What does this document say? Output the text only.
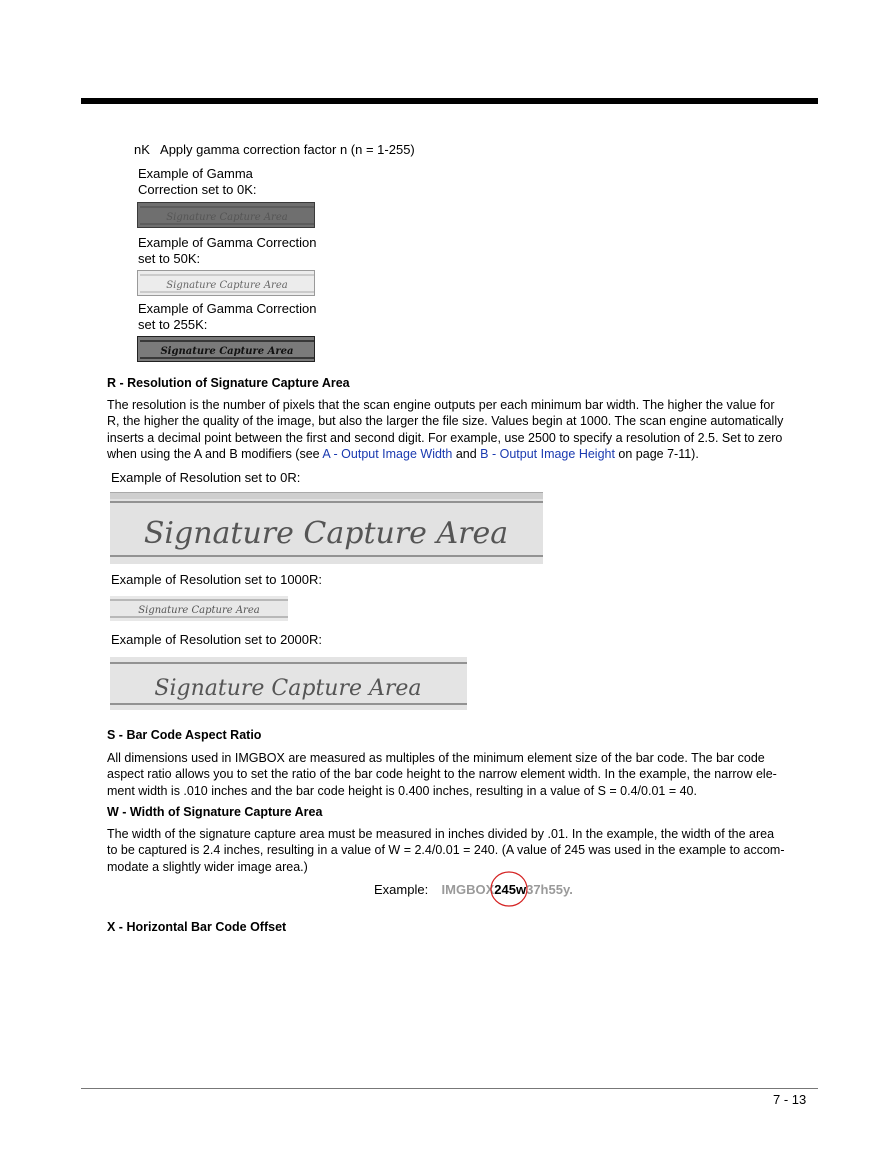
nK Apply gamma correction factor n (n = 1-255)
Example of Gamma
Correction set to 0K:
Signature Capture Area
Example of Gamma Correction
set to 50K:
Signature Capture Area
Example of Gamma Correction
set to 255K:
Signature Capture Area
R - Resolution of Signature Capture Area
The resolution is the number of pixels that the scan engine outputs per each minimum bar width. The higher the value for
R, the higher the quality of the image, but also the larger the file size. Values begin at 1000. The scan engine automatically
inserts a decimal point between the first and second digit. For example, use 2500 to specify a resolution of 2.5. Set to zero
when using the A and B modifiers (see A - Output Image Width and B - Output Image Height on page 7-11).
Example of Resolution set to 0R:
Signature Capture Area
Example of Resolution set to 1000R:
Signature Capture Area
Example of Resolution set to 2000R:
Signature Capture Area
S - Bar Code Aspect Ratio
All dimensions used in IMGBOX are measured as multiples of the minimum element size of the bar code. The bar code
aspect ratio allows you to set the ratio of the bar code height to the narrow element width. In the example, the narrow ele-
ment width is .010 inches and the bar code height is 0.400 inches, resulting in a value of S = 0.4/0.01 = 40.
W - Width of Signature Capture Area
The width of the signature capture area must be measured in inches divided by .01. In the example, the width of the area
to be captured is 2.4 inches, resulting in a value of W = 2.4/0.01 = 240. (A value of 245 was used in the example to accom-
modate a slightly wider image area.)
Example: IMGBOX245w37h55y.
X - Horizontal Bar Code Offset
7 - 13
